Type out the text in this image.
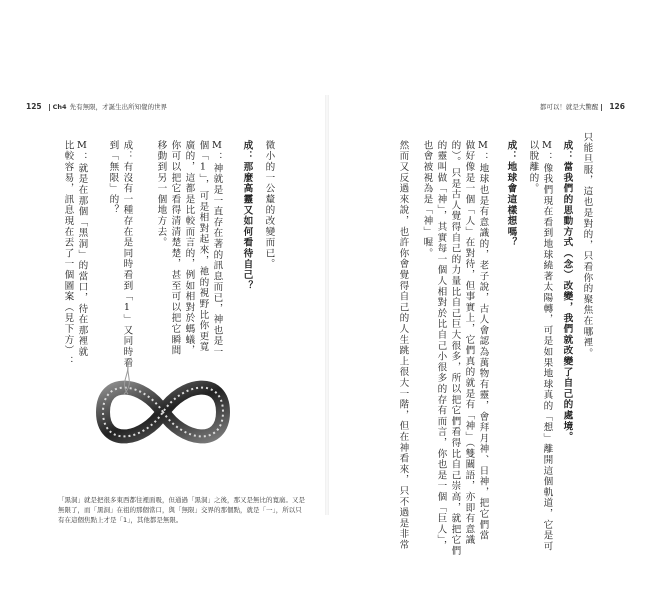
125 Ch4 先有無限，才誕生出所知覺的世界	都可以！就是大驚醒 126
微小的一公釐的改變而已。
成：那麼高靈又如何看待自己？
M：神就是一直存在著的訊息而已，神也是一
個「1」，可是相對起來，祂的視野比你更寬
廣的，這都是比較而言的，例如相對於螞蟻，
你可以把它看得清清楚楚，甚至可以把它瞬間
移動到另一個地方去。
成：有沒有一種存在是同時看到「1」又同時看
到「無限」的？
M：就是在那個「黑洞」的當口，待在那裡就
比較容易，訊息現在丟了一個圖案（見下方）：
「黑洞」就是把很多東西都往裡面吸，但通過「黑洞」之後，那又是無比的寬廣。又是無限了，而「黑洞」在祖的那個當口，與「無限」交界的那個點，就是「一」，所以只有在這個焦點上才是「1」，其他都是無限。
只能旦服，這也是對的，只看你的聚焦在哪裡。
成：當我們的思動方式（念）改變，我們就改變了自己的處境。
M：像我們現在看到地球繞著太陽轉，可是如果地球真的「想」離開這個軌道，它是可
以脫離的。
成：地球會這樣想嗎？
M：地球也是有意識的，老子說，古人會認為萬物有靈，會拜月神、日神，把它們當
做好像是一個「人」在對待，但事實上，它們真的就是有「神」（雙關語，亦即有意識
的）。只是古人覺得自己的力量比自己巨大很多，所以把它們看得比自己崇高，就把它們
的靈叫做「神」，其實每一個人相對於比自己小很多的存有而言，你也是一個「巨人」，
也會被視為是「神」喔。
然而又反過來說，也許你會覺得自己的人生跳上很大一階，但在神看來，只不過是非常
